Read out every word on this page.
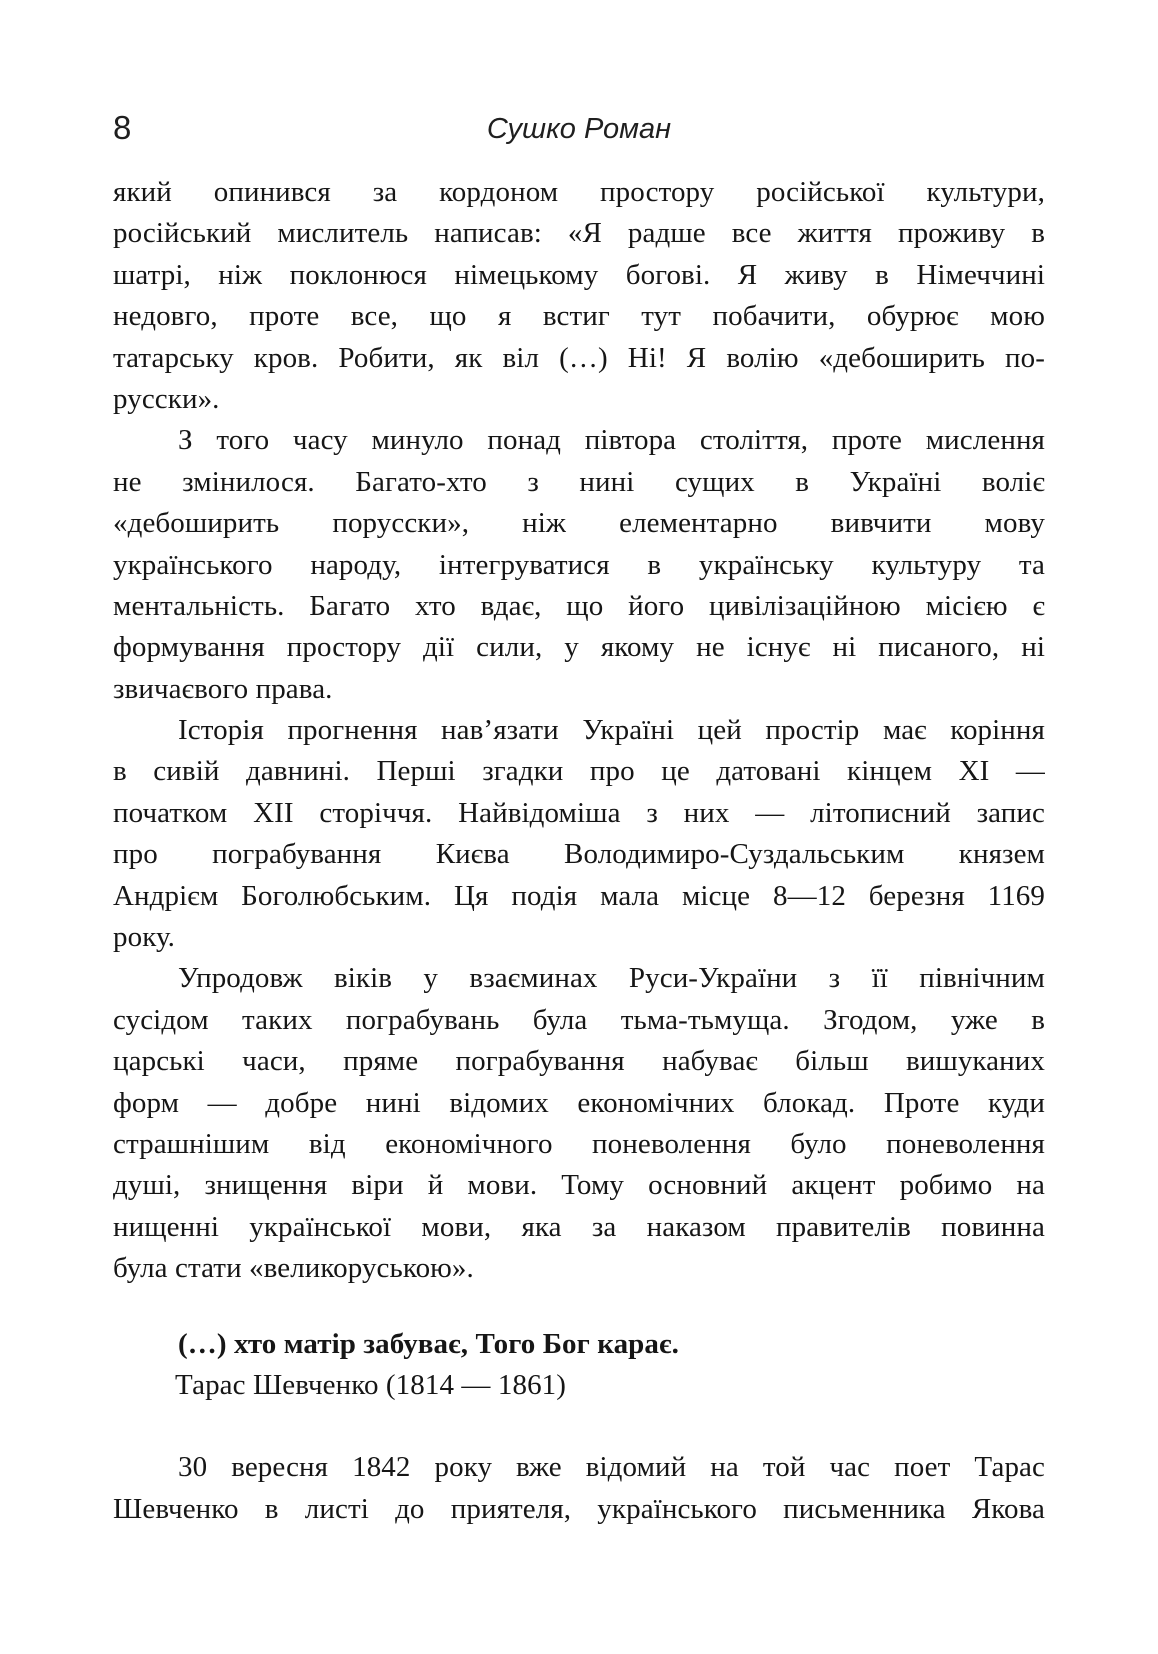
8	Сушко Роман
який опинився за кордоном простору російської культури,
російський мислитель написав: «Я радше все життя проживу в
шатрі, ніж поклонюся німецькому богові. Я живу в Німеччині
недовго, проте все, що я встиг тут побачити, обурює мою
татарську кров. Робити, як віл (…) Ні! Я волію «дебоширить по-
русски».
З того часу минуло понад півтора століття, проте мислення
не змінилося. Багато-хто з нині сущих в Україні воліє
«дебоширить порусски», ніж елементарно вивчити мову
українського народу, інтегруватися в українську культуру та
ментальність. Багато хто вдає, що його цивілізаційною місією є
формування простору дії сили, у якому не існує ні писаного, ні
звичаєвого права.
Історія прогнення нав’язати Україні цей простір має коріння
в сивій давнині. Перші згадки про це датовані кінцем XI —
початком XII сторіччя. Найвідоміша з них — літописний запис
про пограбування Києва Володимиро-Суздальським князем
Андрієм Боголюбським. Ця подія мала місце 8—12 березня 1169
року.
Упродовж віків у взаєминах Руси-України з її північним
сусідом таких пограбувань була тьма-тьмуща. Згодом, уже в
царські часи, пряме пограбування набуває більш вишуканих
форм — добре нині відомих економічних блокад. Проте куди
страшнішим від економічного поневолення було поневолення
душі, знищення віри й мови. Тому основний акцент робимо на
нищенні української мови, яка за наказом правителів повинна
була стати «великоруською».
(…) хто матір забуває, Того Бог карає.
Тарас Шевченко (1814 — 1861)
30 вересня 1842 року вже відомий на той час поет Тарас
Шевченко в листі до приятеля, українського письменника Якова
